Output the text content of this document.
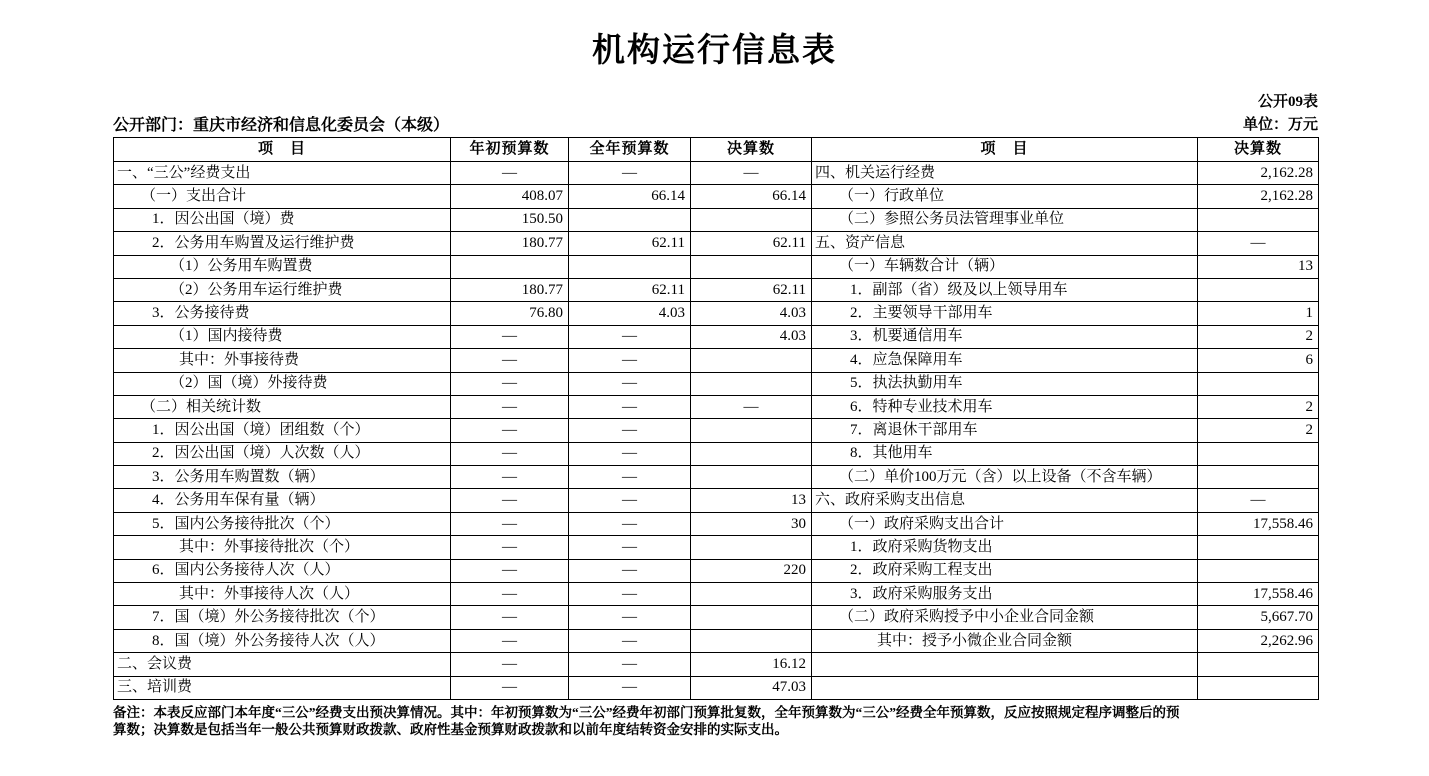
机构运行信息表
公开09表
公开部门：重庆市经济和信息化委员会（本级）	单位：万元
项　目	年初预算数	全年预算数	决算数	项　目	决算数
一、“三公”经费支出	—	—	—	四、机关运行经费	2,162.28
（一）支出合计	408.07	66.14	66.14	（一）行政单位	2,162.28
1．因公出国（境）费	150.50			（二）参照公务员法管理事业单位	
2．公务用车购置及运行维护费	180.77	62.11	62.11	五、资产信息	—
（1）公务用车购置费				（一）车辆数合计（辆）	13
（2）公务用车运行维护费	180.77	62.11	62.11	1．副部（省）级及以上领导用车	
3．公务接待费	76.80	4.03	4.03	2．主要领导干部用车	1
（1）国内接待费	—	—	4.03	3．机要通信用车	2
其中：外事接待费	—	—		4．应急保障用车	6
（2）国（境）外接待费	—	—		5．执法执勤用车	
（二）相关统计数	—	—	—	6．特种专业技术用车	2
1．因公出国（境）团组数（个）	—	—		7．离退休干部用车	2
2．因公出国（境）人次数（人）	—	—		8．其他用车	
3．公务用车购置数（辆）	—	—		（二）单价100万元（含）以上设备（不含车辆）	
4．公务用车保有量（辆）	—	—	13	六、政府采购支出信息	—
5．国内公务接待批次（个）	—	—	30	（一）政府采购支出合计	17,558.46
其中：外事接待批次（个）	—	—		1．政府采购货物支出	
6．国内公务接待人次（人）	—	—	220	2．政府采购工程支出	
其中：外事接待人次（人）	—	—		3．政府采购服务支出	17,558.46
7．国（境）外公务接待批次（个）	—	—		（二）政府采购授予中小企业合同金额	5,667.70
8．国（境）外公务接待人次（人）	—	—		其中：授予小微企业合同金额	2,262.96
二、会议费	—	—	16.12		
三、培训费	—	—	47.03		
备注：本表反应部门本年度“三公”经费支出预决算情况。其中：年初预算数为“三公”经费年初部门预算批复数，全年预算数为“三公”经费全年预算数，反应按照规定程序调整后的预
算数；决算数是包括当年一般公共预算财政拨款、政府性基金预算财政拨款和以前年度结转资金安排的实际支出。
